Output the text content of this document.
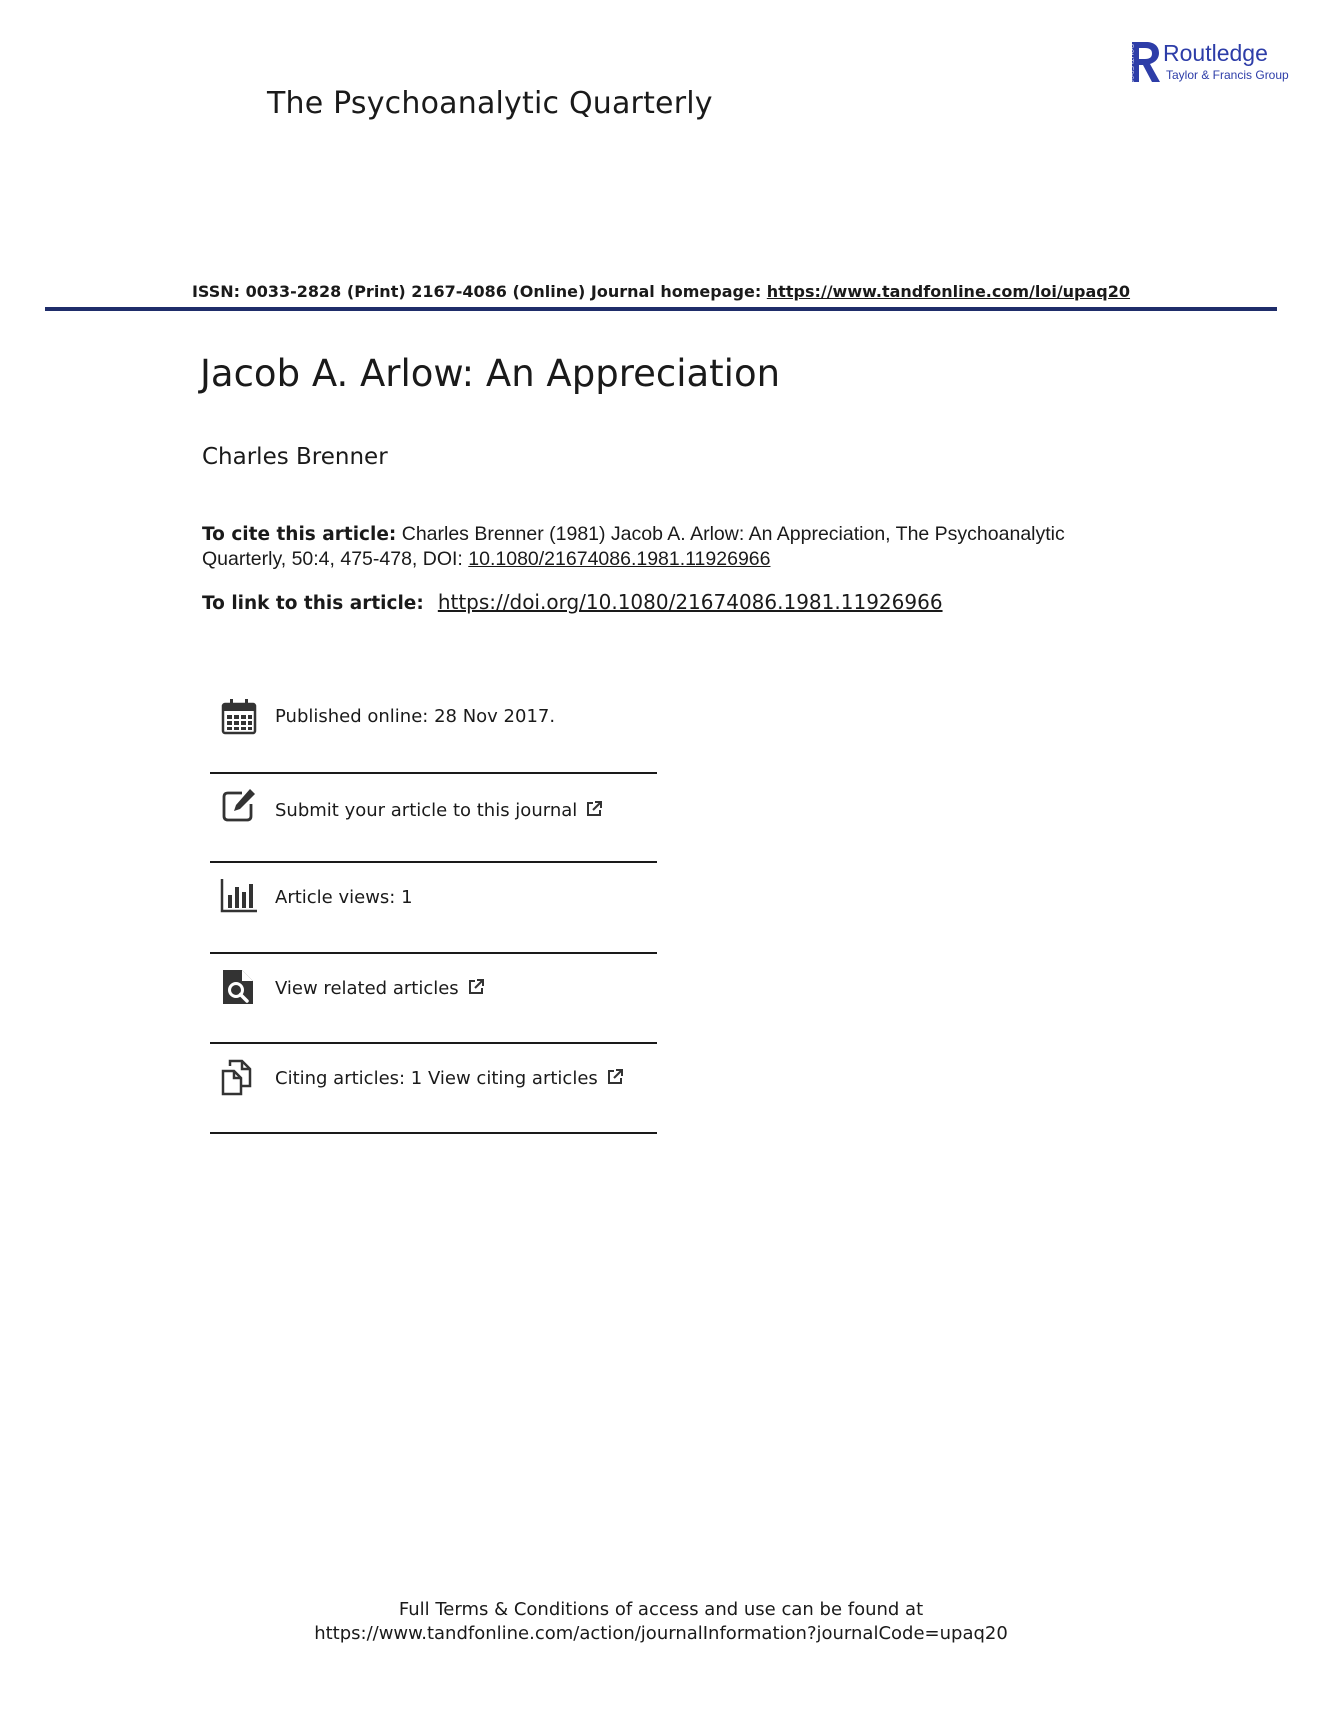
The Psychoanalytic Quarterly
ROUTLEDGE Routledge
Taylor & Francis Group
ISSN: 0033-2828 (Print) 2167-4086 (Online) Journal homepage: https://www.tandfonline.com/loi/upaq20
Jacob A. Arlow: An Appreciation
Charles Brenner
To cite this article: Charles Brenner (1981) Jacob A. Arlow: An Appreciation, The Psychoanalytic Quarterly, 50:4, 475-478, DOI: 10.1080/21674086.1981.11926966
To link to this article: https://doi.org/10.1080/21674086.1981.11926966
Published online: 28 Nov 2017.
Submit your article to this journal
Article views: 1
View related articles
Citing articles: 1 View citing articles
Full Terms & Conditions of access and use can be found at
https://www.tandfonline.com/action/journalInformation?journalCode=upaq20
